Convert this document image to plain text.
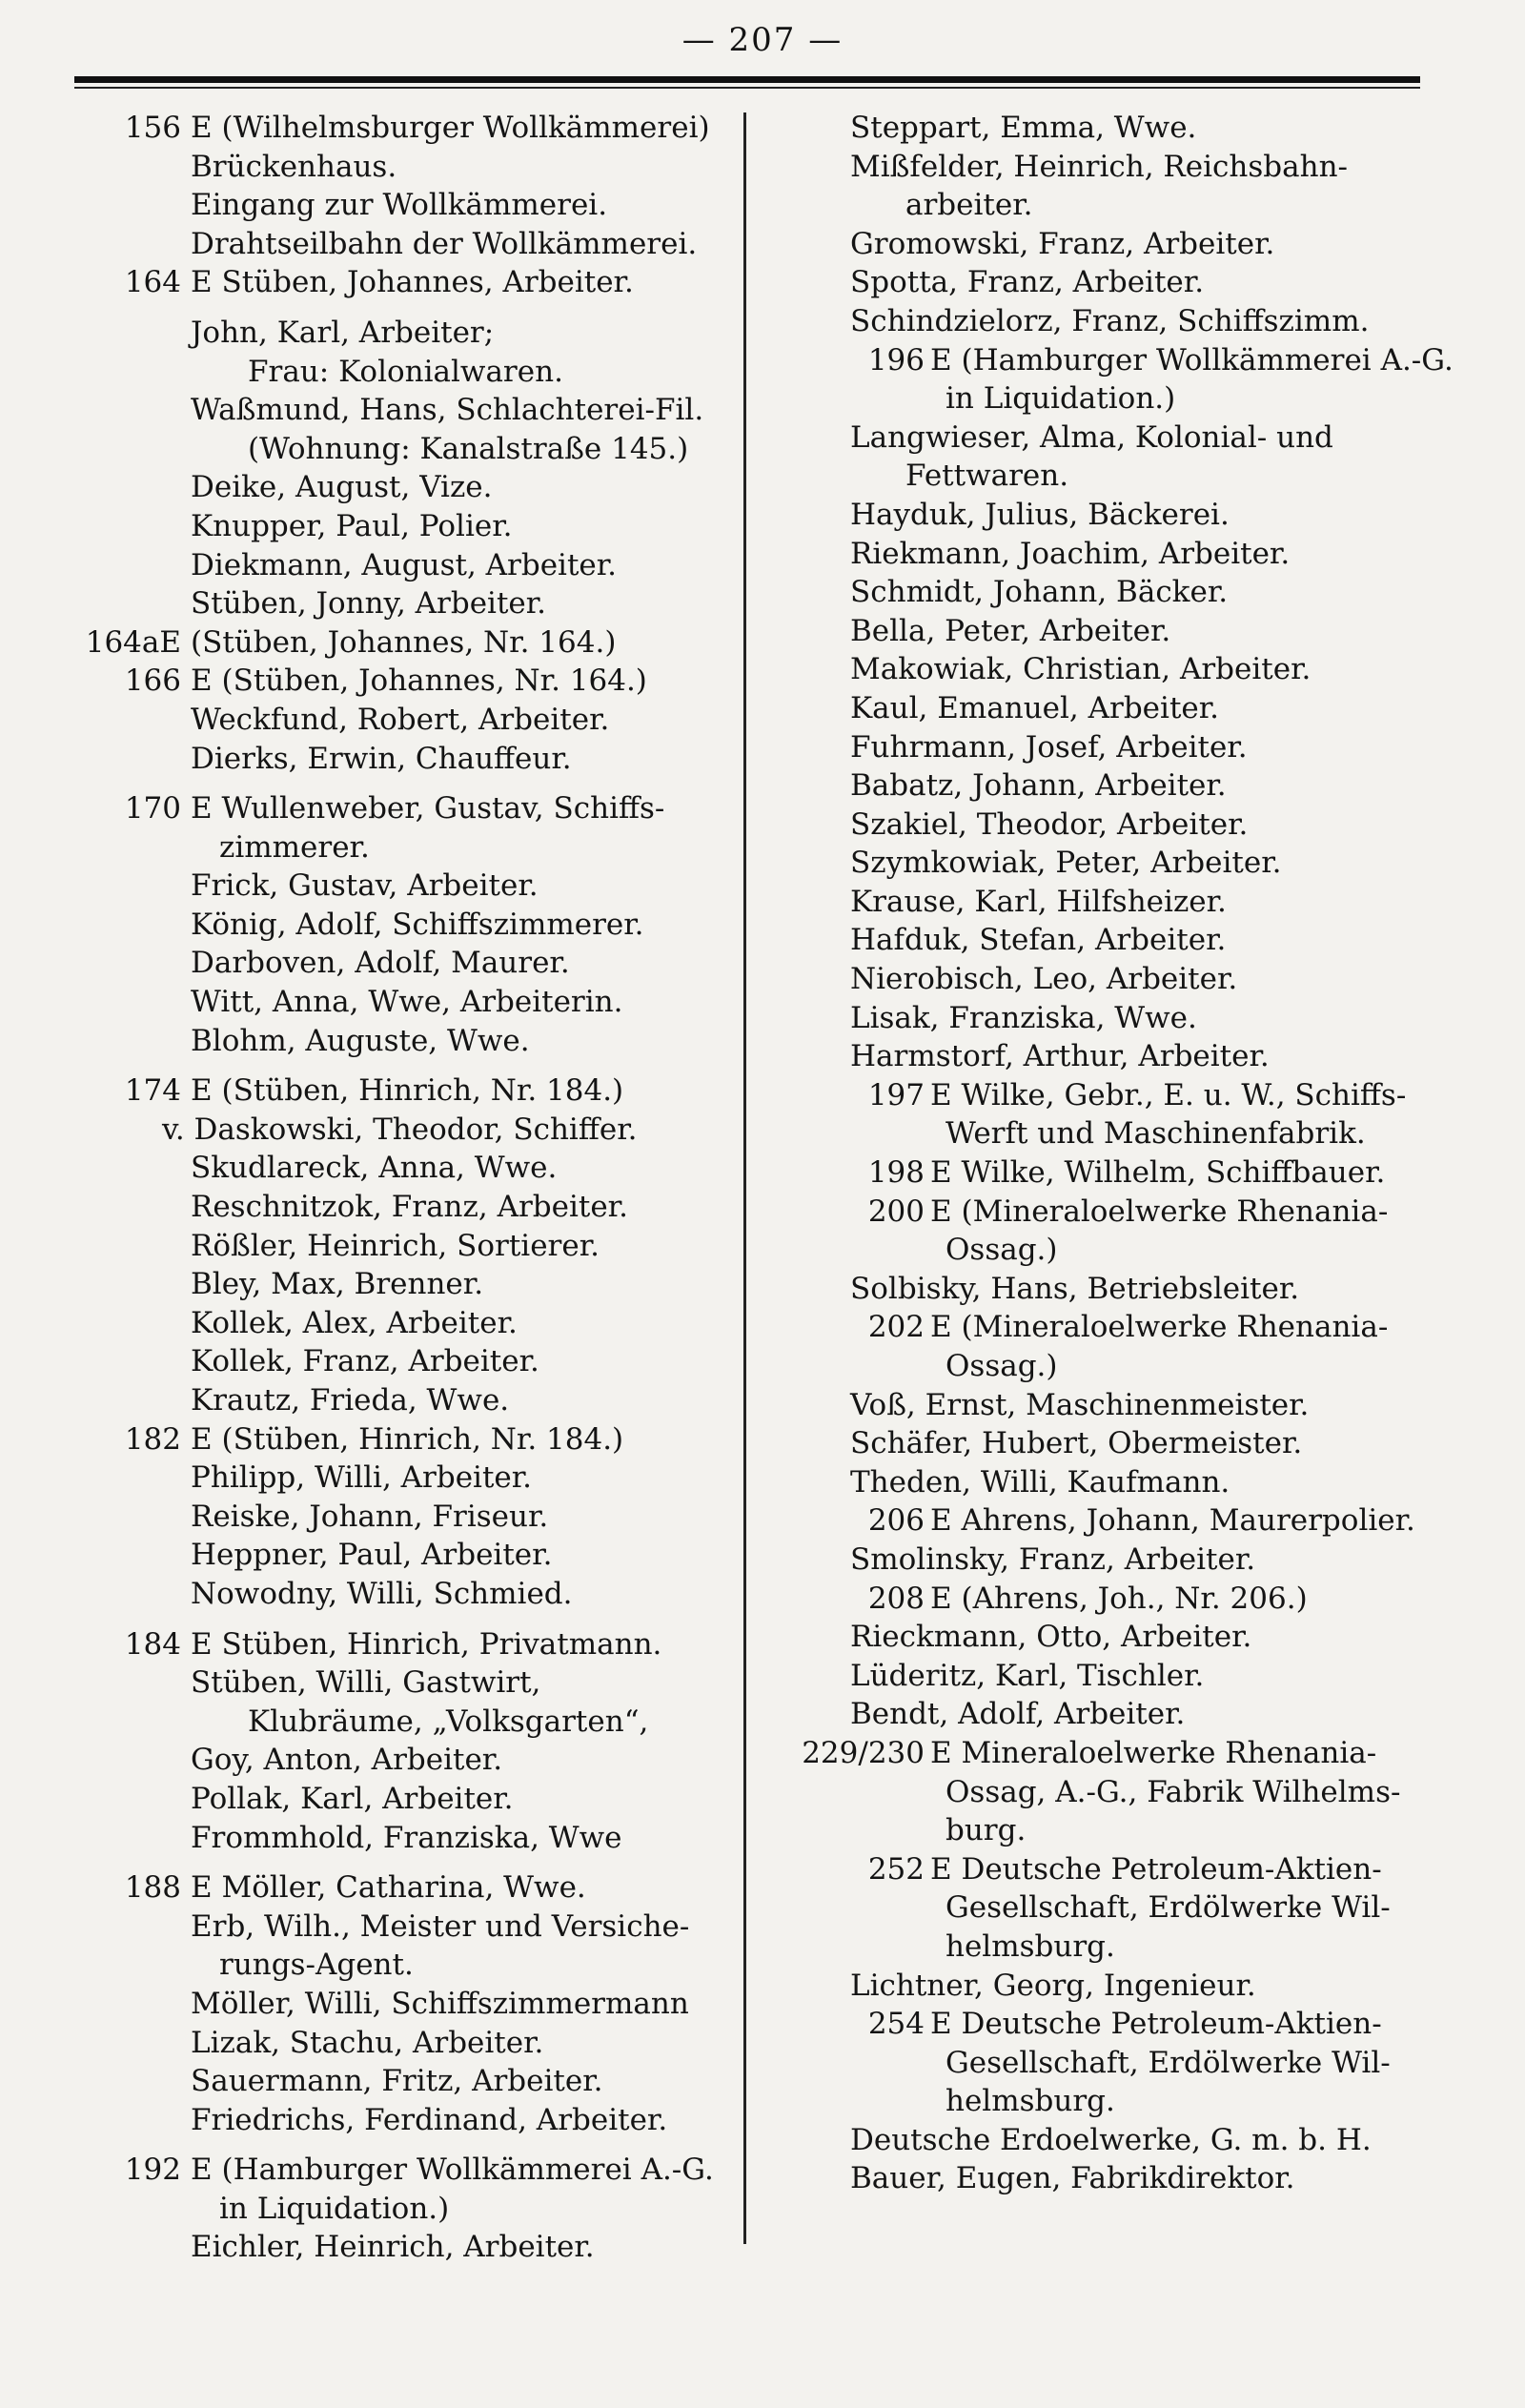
— 207 —
156 E (Wilhelmsburger Wollkämmerei)
Brückenhaus.
Eingang zur Wollkämmerei.
Drahtseilbahn der Wollkämmerei.
164 E Stüben, Johannes, Arbeiter.
John, Karl, Arbeiter;
Frau: Kolonialwaren.
Waßmund, Hans, Schlachterei-Fil.
(Wohnung: Kanalstraße 145.)
Deike, August, Vize.
Knupper, Paul, Polier.
Diekmann, August, Arbeiter.
Stüben, Jonny, Arbeiter.
164aE (Stüben, Johannes, Nr. 164.)
166 E (Stüben, Johannes, Nr. 164.)
Weckfund, Robert, Arbeiter.
Dierks, Erwin, Chauffeur.
170 E Wullenweber, Gustav, Schiffs-
zimmerer.
Frick, Gustav, Arbeiter.
König, Adolf, Schiffszimmerer.
Darboven, Adolf, Maurer.
Witt, Anna, Wwe, Arbeiterin.
Blohm, Auguste, Wwe.
174 E (Stüben, Hinrich, Nr. 184.)
v. Daskowski, Theodor, Schiffer.
Skudlareck, Anna, Wwe.
Reschnitzok, Franz, Arbeiter.
Rößler, Heinrich, Sortierer.
Bley, Max, Brenner.
Kollek, Alex, Arbeiter.
Kollek, Franz, Arbeiter.
Krautz, Frieda, Wwe.
182 E (Stüben, Hinrich, Nr. 184.)
Philipp, Willi, Arbeiter.
Reiske, Johann, Friseur.
Heppner, Paul, Arbeiter.
Nowodny, Willi, Schmied.
184 E Stüben, Hinrich, Privatmann.
Stüben, Willi, Gastwirt,
Klubräume, „Volksgarten“,
Goy, Anton, Arbeiter.
Pollak, Karl, Arbeiter.
Frommhold, Franziska, Wwe
188 E Möller, Catharina, Wwe.
Erb, Wilh., Meister und Versiche-
rungs-Agent.
Möller, Willi, Schiffszimmermann
Lizak, Stachu, Arbeiter.
Sauermann, Fritz, Arbeiter.
Friedrichs, Ferdinand, Arbeiter.
192 E (Hamburger Wollkämmerei A.-G.
in Liquidation.)
Eichler, Heinrich, Arbeiter.
Steppart, Emma, Wwe.
Mißfelder, Heinrich, Reichsbahn-
arbeiter.
Gromowski, Franz, Arbeiter.
Spotta, Franz, Arbeiter.
Schindzielorz, Franz, Schiffszimm.
196 E (Hamburger Wollkämmerei A.-G.
in Liquidation.)
Langwieser, Alma, Kolonial- und
Fettwaren.
Hayduk, Julius, Bäckerei.
Riekmann, Joachim, Arbeiter.
Schmidt, Johann, Bäcker.
Bella, Peter, Arbeiter.
Makowiak, Christian, Arbeiter.
Kaul, Emanuel, Arbeiter.
Fuhrmann, Josef, Arbeiter.
Babatz, Johann, Arbeiter.
Szakiel, Theodor, Arbeiter.
Szymkowiak, Peter, Arbeiter.
Krause, Karl, Hilfsheizer.
Hafduk, Stefan, Arbeiter.
Nierobisch, Leo, Arbeiter.
Lisak, Franziska, Wwe.
Harmstorf, Arthur, Arbeiter.
197 E Wilke, Gebr., E. u. W., Schiffs-
Werft und Maschinenfabrik.
198 E Wilke, Wilhelm, Schiffbauer.
200 E (Mineraloelwerke Rhenania-
Ossag.)
Solbisky, Hans, Betriebsleiter.
202 E (Mineraloelwerke Rhenania-
Ossag.)
Voß, Ernst, Maschinenmeister.
Schäfer, Hubert, Obermeister.
Theden, Willi, Kaufmann.
206 E Ahrens, Johann, Maurerpolier.
Smolinsky, Franz, Arbeiter.
208 E (Ahrens, Joh., Nr. 206.)
Rieckmann, Otto, Arbeiter.
Lüderitz, Karl, Tischler.
Bendt, Adolf, Arbeiter.
229/230 E Mineraloelwerke Rhenania-
Ossag, A.-G., Fabrik Wilhelms-
burg.
252 E Deutsche Petroleum-Aktien-
Gesellschaft, Erdölwerke Wil-
helmsburg.
Lichtner, Georg, Ingenieur.
254 E Deutsche Petroleum-Aktien-
Gesellschaft, Erdölwerke Wil-
helmsburg.
Deutsche Erdoelwerke, G. m. b. H.
Bauer, Eugen, Fabrikdirektor.
